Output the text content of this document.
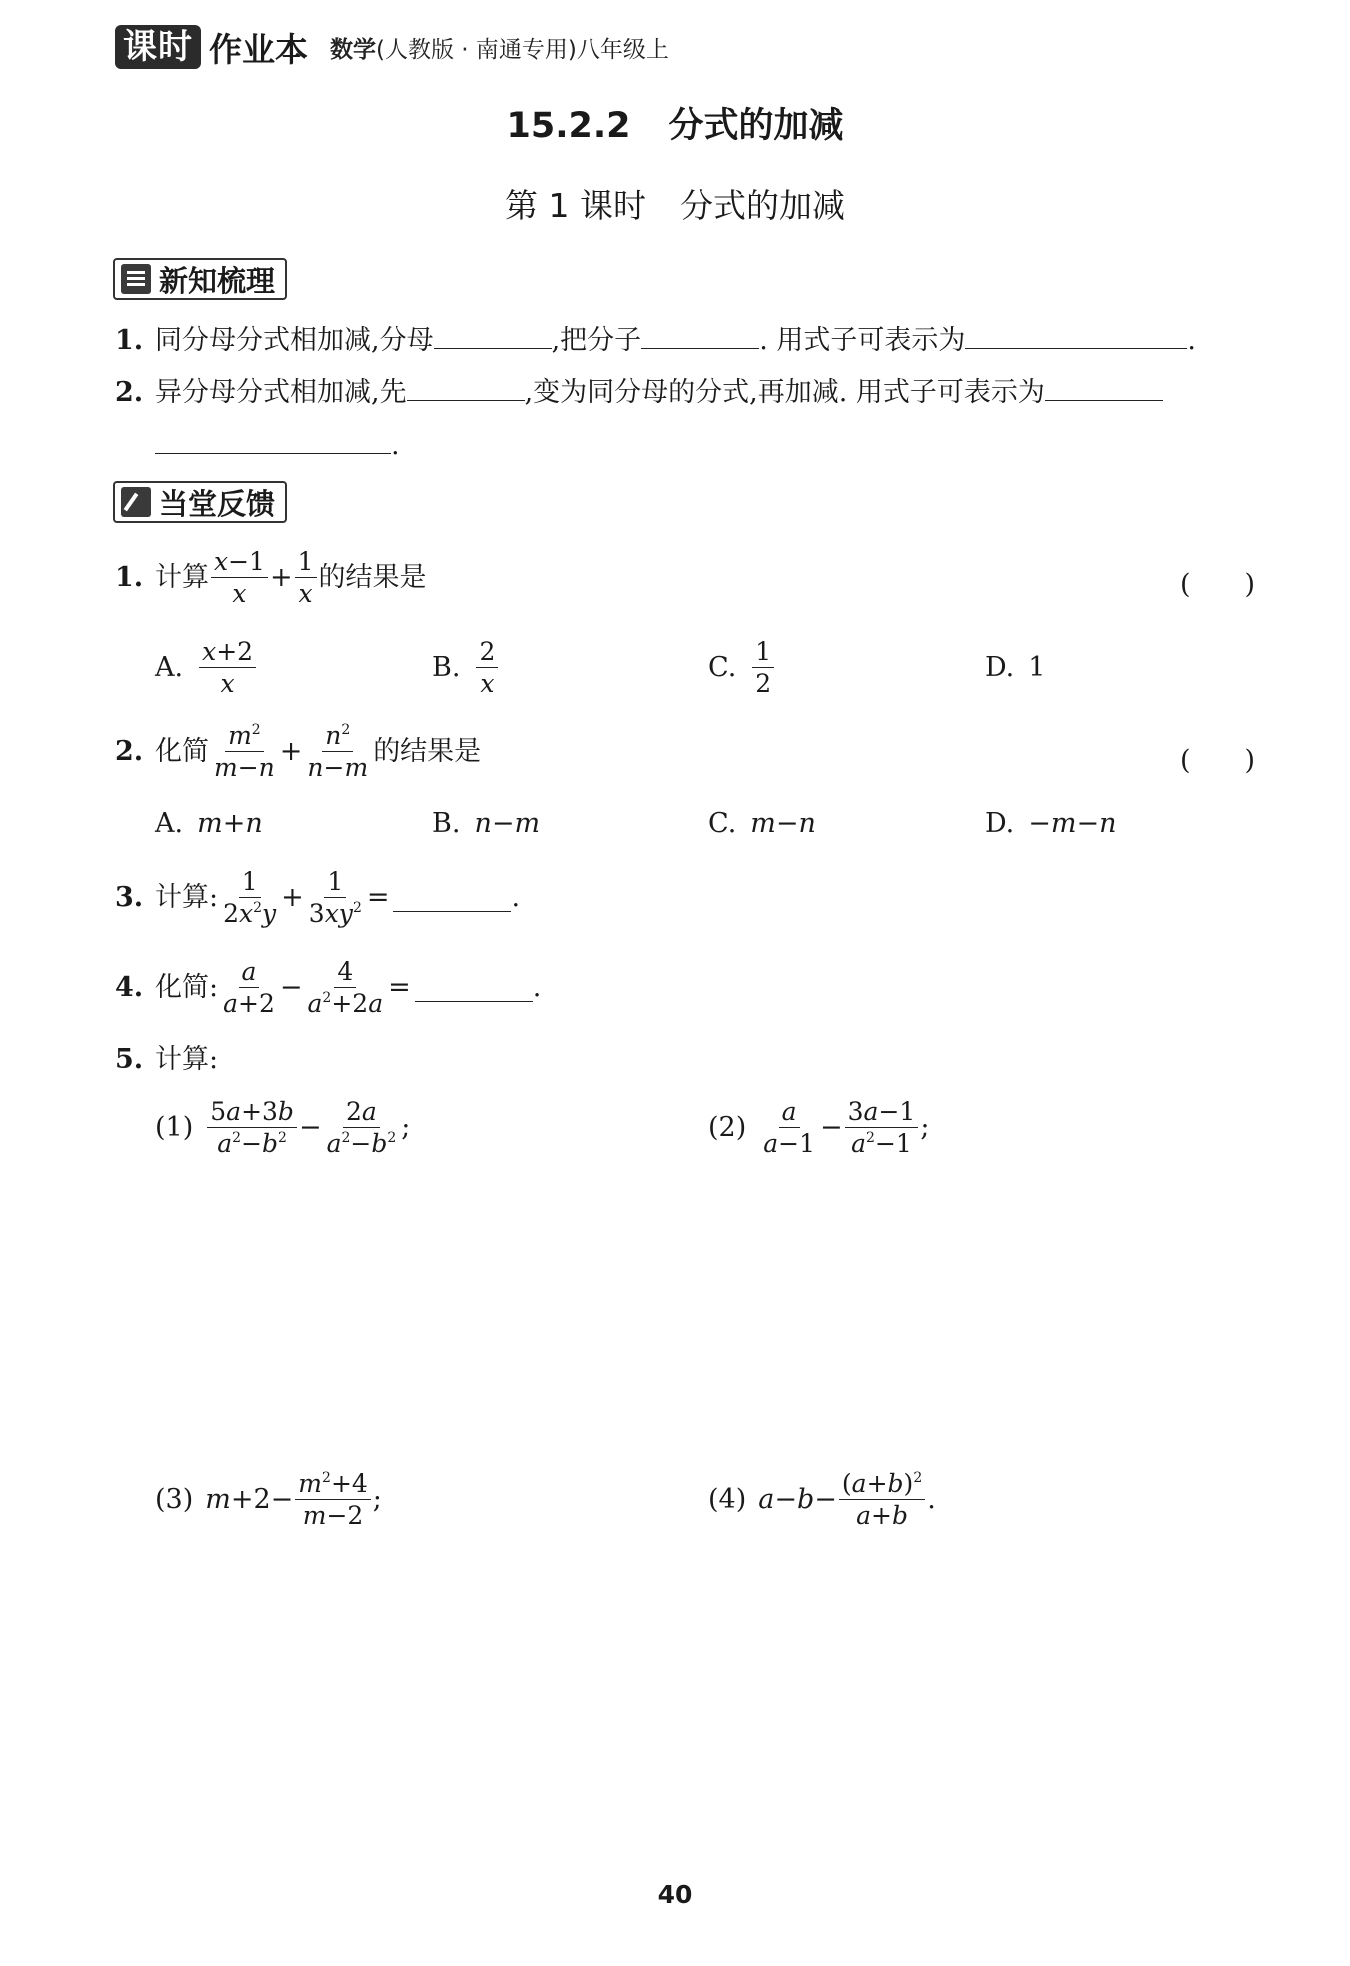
课时 作业本 数学(人教版 · 南通专用)八年级上
15.2.2 分式的加减
第 1 课时 分式的加减
新知梳理
1. 同分母分式相加减,分母	,把分子	. 用式子可表示为	.
2. 异分母分式相加减,先	,变为同分母的分式,再加减. 用式子可表示为
.
当堂反馈
1. 计算 $\frac{x-1}{x} + \frac{1}{x}$ 的结果是	(　　)
A. $\frac{x+2}{x}$	B. $\frac{2}{x}$	C. $\frac{1}{2}$	D. 1
2. 化简 $\frac{m^2}{m-n} + \frac{n^2}{n-m}$ 的结果是	(　　)
A. m+n	B. n−m	C. m−n	D. −m−n
3. 计算: $\frac{1}{2x^2y} + \frac{1}{3xy^2}$ =	.
4. 化简: $\frac{a}{a+2} - \frac{4}{a^2+2a}$ =	.
5. 计算:
$(1) \frac{5a+3b}{a^2-b^2} - \frac{2a}{a^2-b^2}$ ;	$(2) \frac{a}{a-1} - \frac{3a-1}{a^2-1}$ ;
(3) $m+2- \frac{m^2+4}{m-2}$ ;	(4) $a-b- \frac{(a+b)^2}{a+b}$ .
40
